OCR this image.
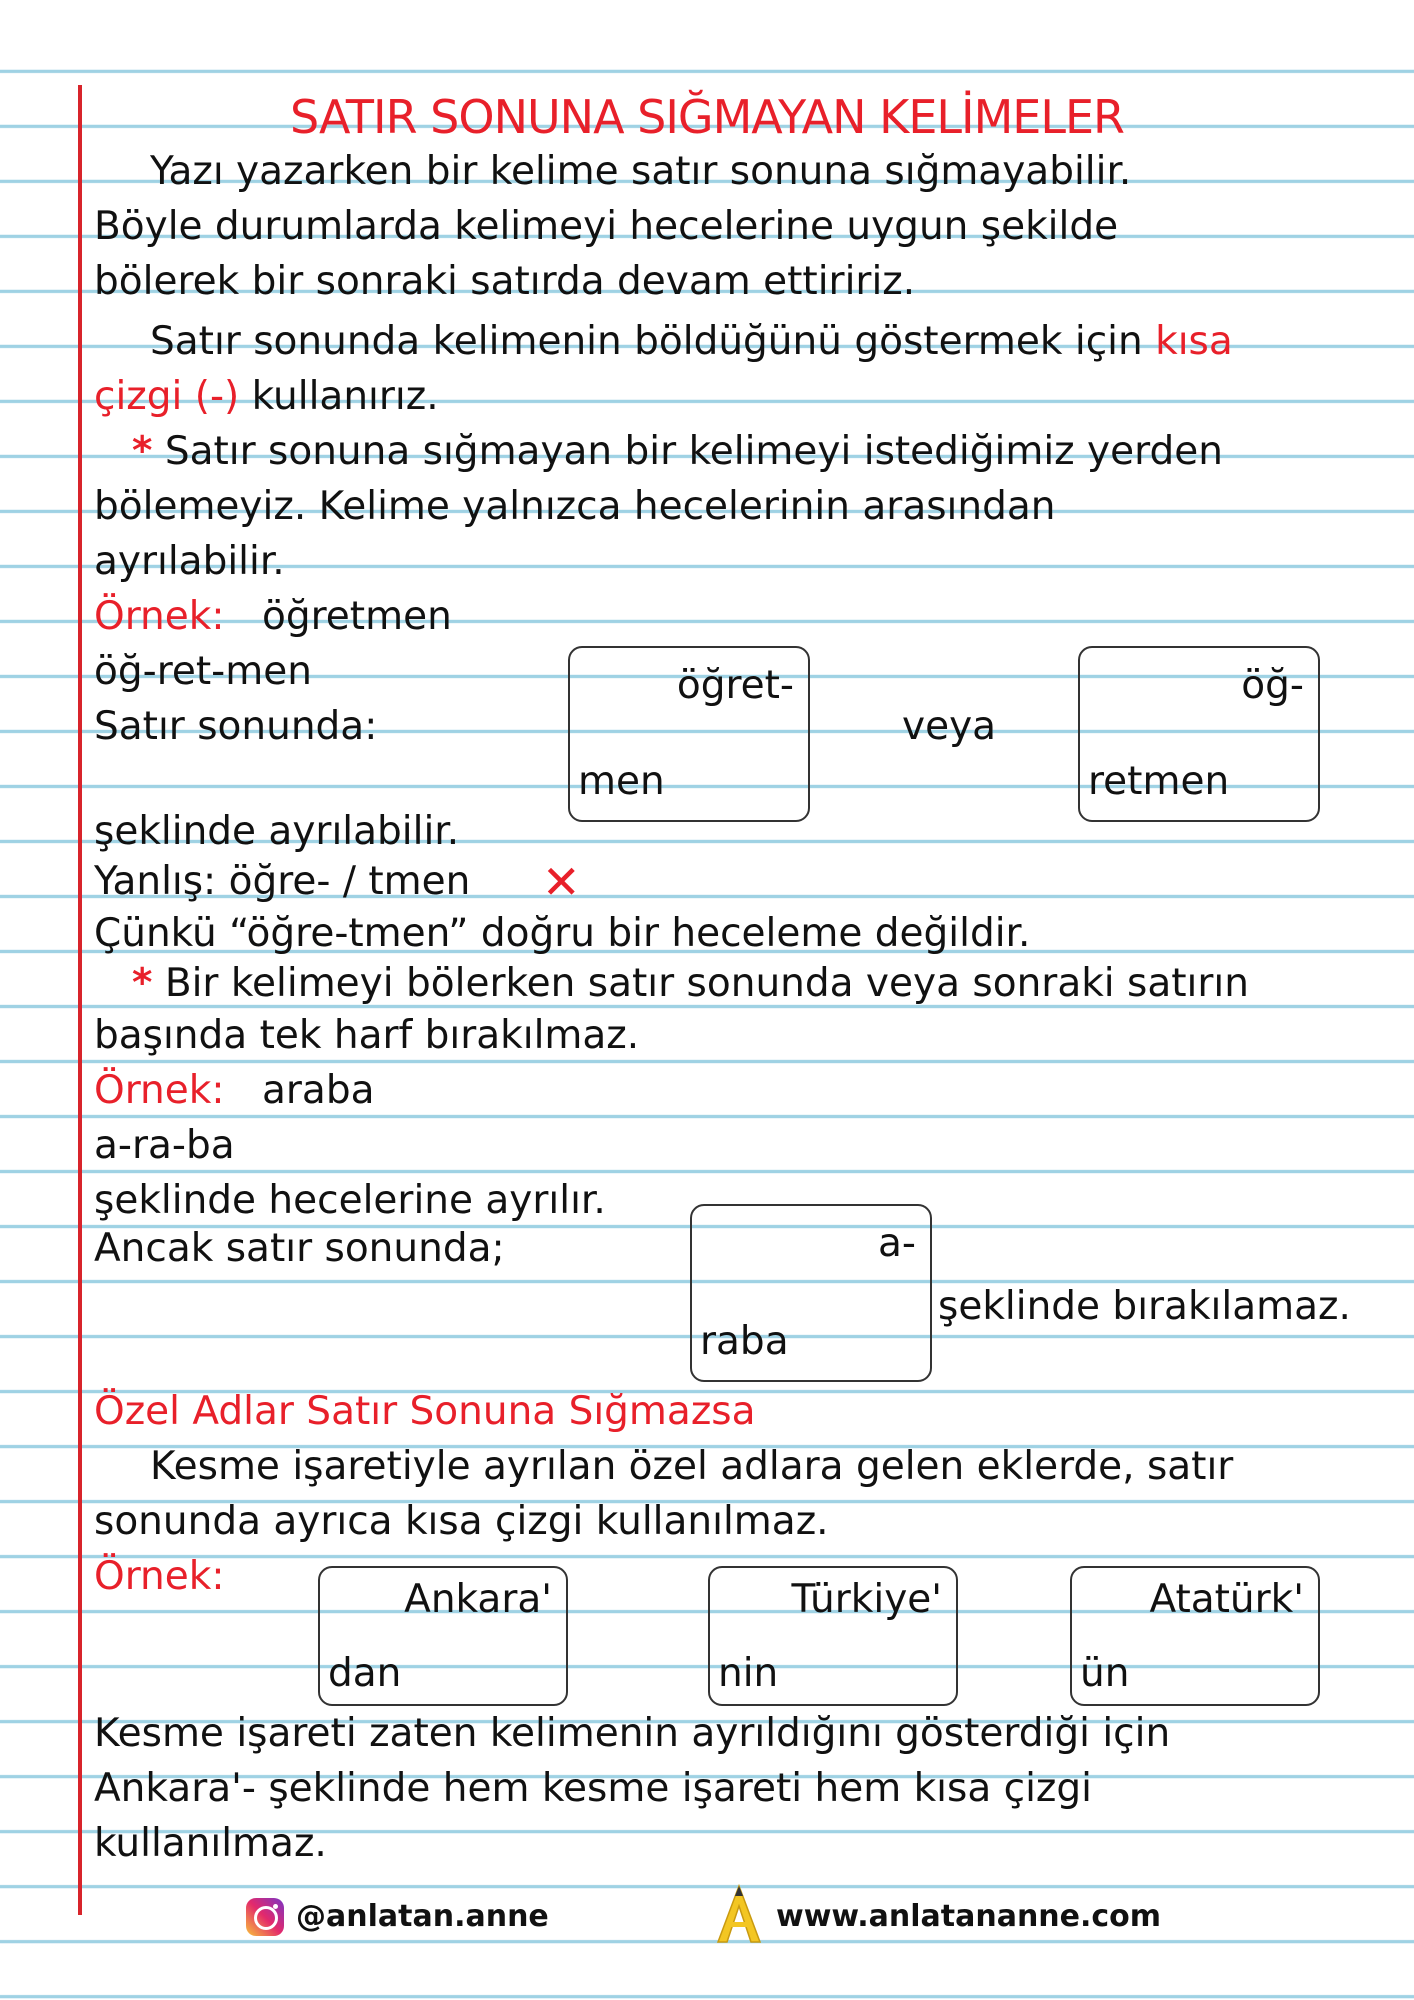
SATIR SONUNA SIĞMAYAN KELİMELER
Yazı yazarken bir kelime satır sonuna sığmayabilir.
Böyle durumlarda kelimeyi hecelerine uygun şekilde
bölerek bir sonraki satırda devam ettiririz.
Satır sonunda kelimenin böldüğünü göstermek için kısa
çizgi (-) kullanırız.
* Satır sonuna sığmayan bir kelimeyi istediğimiz yerden
bölemeyiz. Kelime yalnızca hecelerinin arasından
ayrılabilir.
Örnek: öğretmen
öğ-ret-men
Satır sonunda:
öğret-
men
veya
öğ-
retmen
şeklinde ayrılabilir.
Yanlış: öğre- / tmen ✕
Çünkü “öğre-tmen” doğru bir heceleme değildir.
* Bir kelimeyi bölerken satır sonunda veya sonraki satırın
başında tek harf bırakılmaz.
Örnek: araba
a-ra-ba
şeklinde hecelerine ayrılır.
Ancak satır sonunda;	a-
raba
şeklinde bırakılamaz.
Özel Adlar Satır Sonuna Sığmazsa
Kesme işaretiyle ayrılan özel adlara gelen eklerde, satır
sonunda ayrıca kısa çizgi kullanılmaz.
Örnek:
Ankara'
dan
Türkiye'
nin
Atatürk'
ün
Kesme işareti zaten kelimenin ayrıldığını gösterdiği için
Ankara'- şeklinde hem kesme işareti hem kısa çizgi
kullanılmaz.
@anlatan.anne	www.anlatananne.com
